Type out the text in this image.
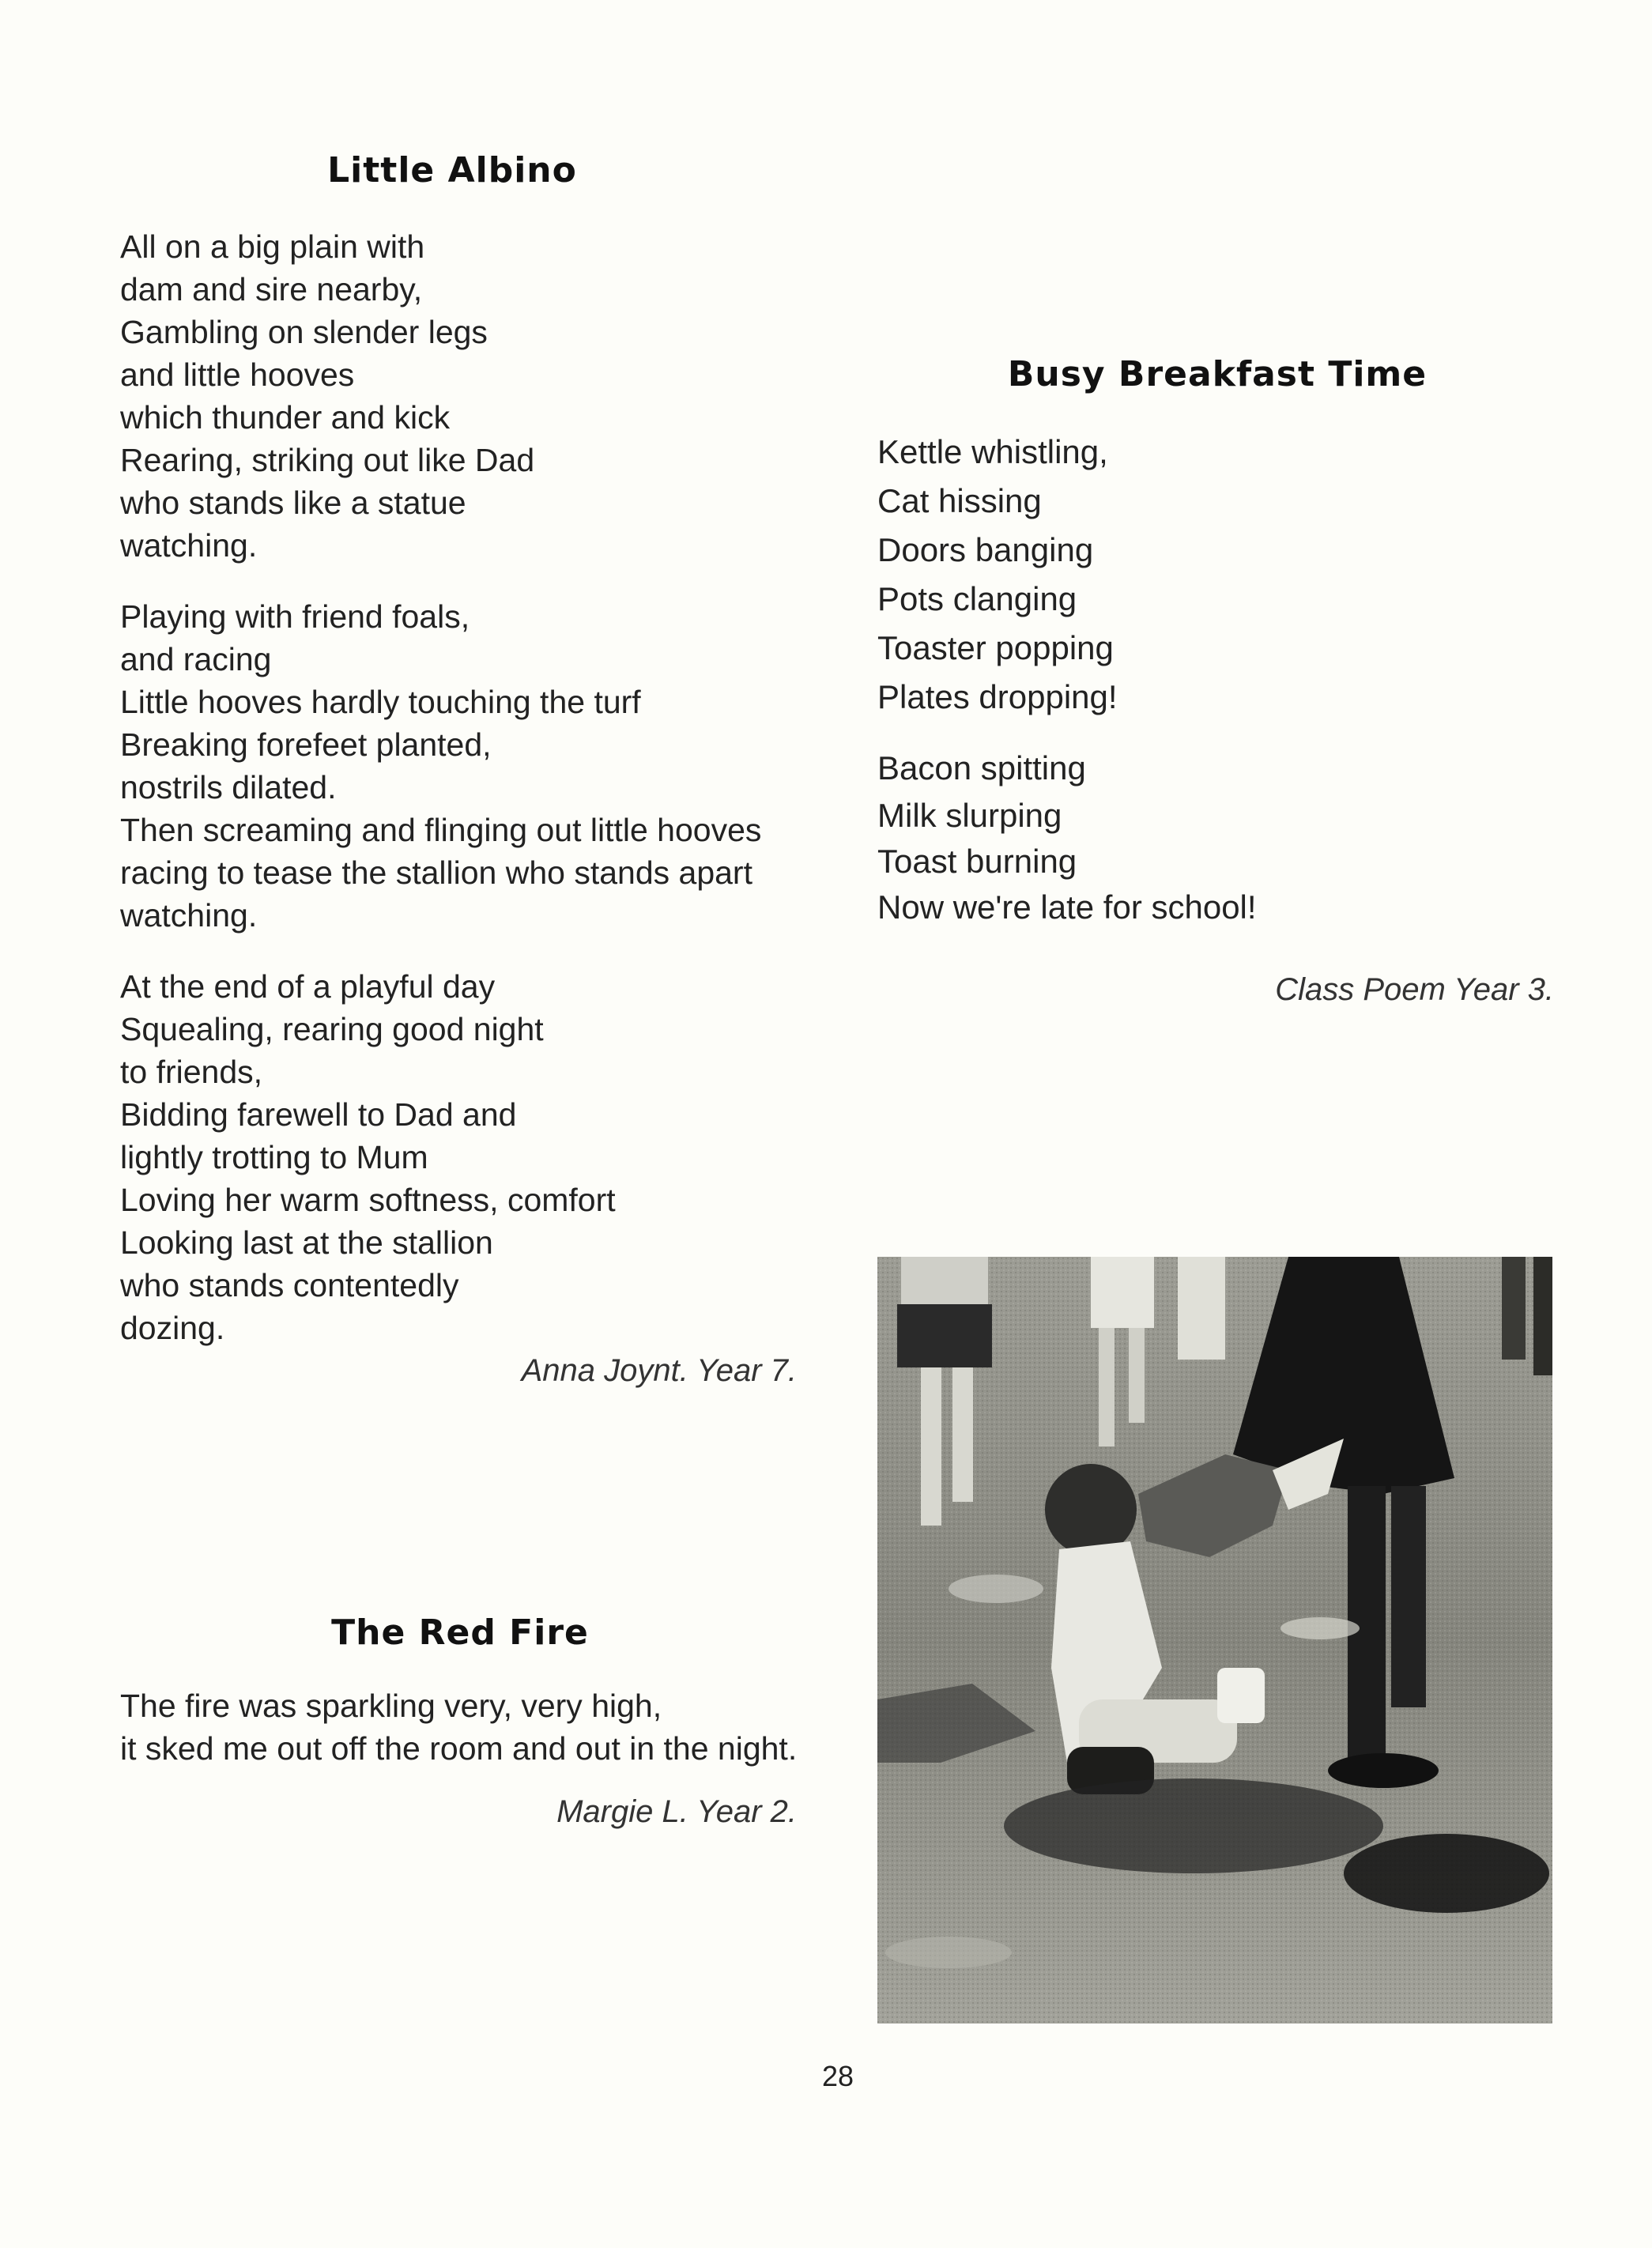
Little Albino
All on a big plain with
dam and sire nearby,
Gambling on slender legs
and little hooves
which thunder and kick
Rearing, striking out like Dad
who stands like a statue
watching.
Playing with friend foals,
and racing
Little hooves hardly touching the turf
Breaking forefeet planted,
nostrils dilated.
Then screaming and flinging out little hooves
racing to tease the stallion who stands apart
watching.
At the end of a playful day
Squealing, rearing good night
to friends,
Bidding farewell to Dad and
lightly trotting to Mum
Loving her warm softness, comfort
Looking last at the stallion
who stands contentedly
dozing.
Anna Joynt. Year 7.
The Red Fire
The fire was sparkling very, very high,
it sked me out off the room and out in the night.
Margie L. Year 2.
Busy Breakfast Time
Kettle whistling,
Cat hissing
Doors banging
Pots clanging
Toaster popping
Plates dropping!
Bacon spitting
Milk slurping
Toast burning
Now we're late for school!
Class Poem Year 3.
28
